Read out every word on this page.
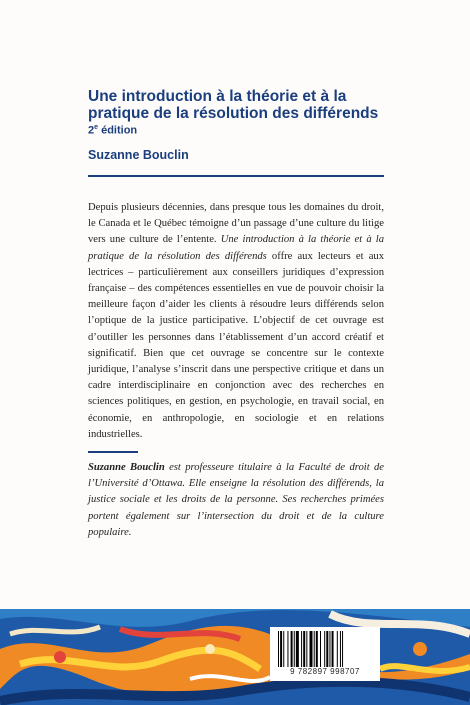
Une introduction à la théorie et à la pratique de la résolution des différends

2e édition

Suzanne Bouclin

Depuis plusieurs décennies, dans presque tous les domaines du droit, le Canada et le Québec témoigne d’un passage d’une culture du litige vers une culture de l’entente. Une introduction à la théorie et à la pratique de la résolution des différends offre aux lecteurs et aux lectrices – particulièrement aux conseillers juridiques d’expression française – des compétences essentielles en vue de pouvoir choisir la meilleure façon d’aider les clients à résoudre leurs différends selon l’optique de la justice participative. L’objectif de cet ouvrage est d’outiller les personnes dans l’établissement d’un accord créatif et significatif. Bien que cet ouvrage se concentre sur le contexte juridique, l’analyse s’inscrit dans une perspective critique et dans un cadre interdisciplinaire en conjonction avec des recherches en sciences politiques, en gestion, en psychologie, en travail social, en économie, en anthropologie, en sociologie et en relations industrielles.

Suzanne Bouclin est professeure titulaire à la Faculté de droit de l’Université d’Ottawa. Elle enseigne la résolution des différends, la justice sociale et les droits de la personne. Ses recherches primées portent également sur l’intersection du droit et de la culture populaire.

9 782897 998707
